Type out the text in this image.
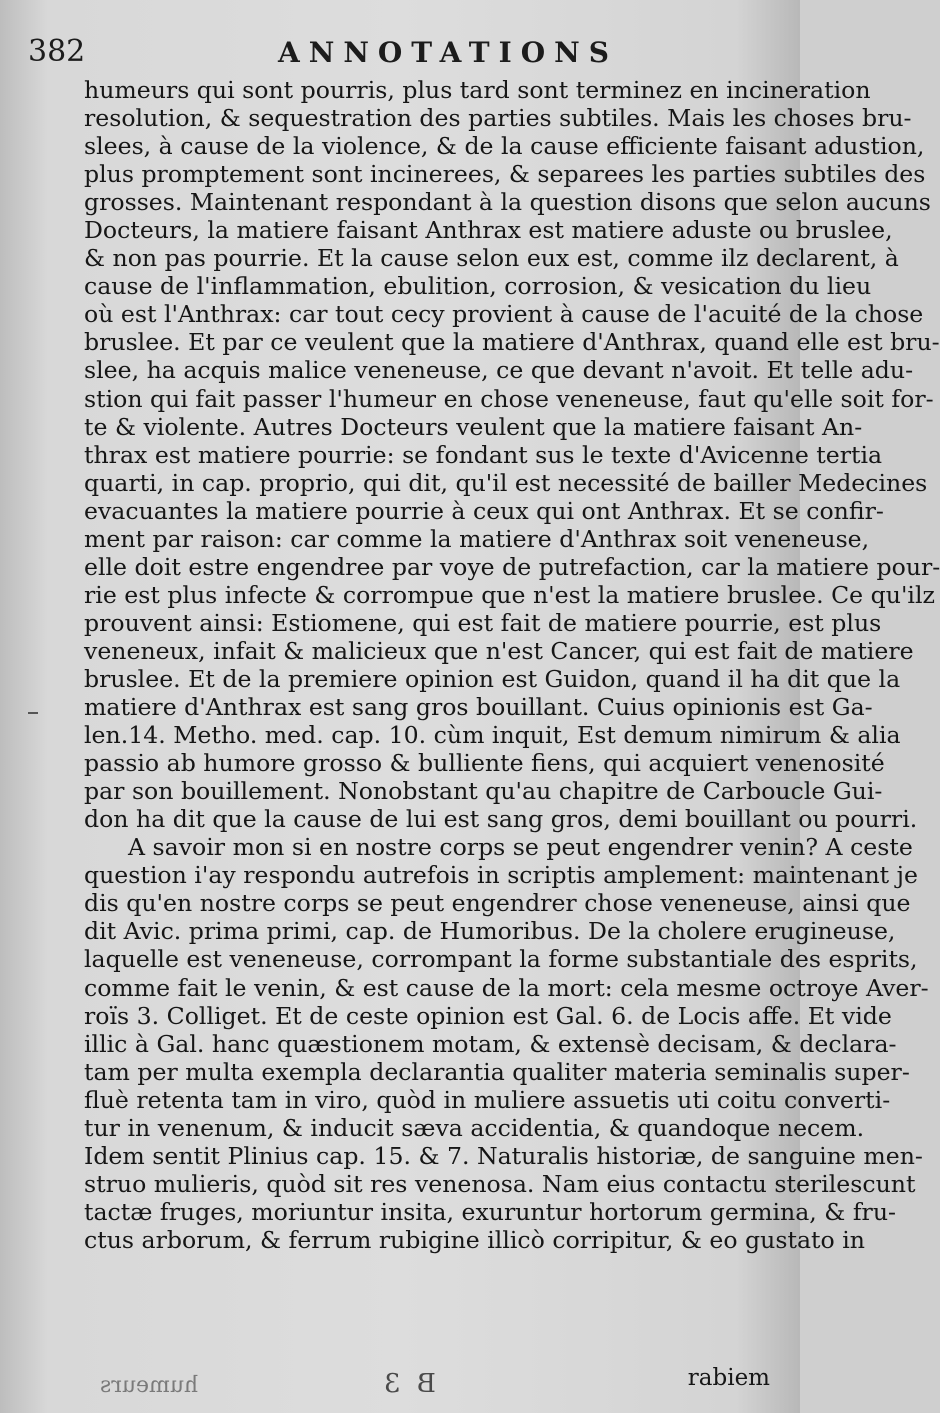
382	ANNOTATIONS
humeurs qui sont pourris, plus tard sont terminez en incineration
resolution, & sequestration des parties subtiles. Mais les choses bru-
slees, à cause de la violence, & de la cause efficiente faisant adustion,
plus promptement sont incinerees, & separees les parties subtiles des
grosses. Maintenant respondant à la question disons que selon aucuns
Docteurs, la matiere faisant Anthrax est matiere aduste ou bruslee,
& non pas pourrie. Et la cause selon eux est, comme ilz declarent, à
cause de l'inflammation, ebulition, corrosion, & vesication du lieu
où est l'Anthrax: car tout cecy provient à cause de l'acuité de la chose
bruslee. Et par ce veulent que la matiere d'Anthrax, quand elle est bru-
slee, ha acquis malice veneneuse, ce que devant n'avoit. Et telle adu-
stion qui fait passer l'humeur en chose veneneuse, faut qu'elle soit for-
te & violente. Autres Docteurs veulent que la matiere faisant An-
thrax est matiere pourrie: se fondant sus le texte d'Avicenne tertia
quarti, in cap. proprio, qui dit, qu'il est necessité de bailler Medecines
evacuantes la matiere pourrie à ceux qui ont Anthrax. Et se confir-
ment par raison: car comme la matiere d'Anthrax soit veneneuse,
elle doit estre engendree par voye de putrefaction, car la matiere pour-
rie est plus infecte & corrompue que n'est la matiere bruslee. Ce qu'ilz
prouvent ainsi: Estiomene, qui est fait de matiere pourrie, est plus
veneneux, infait & malicieux que n'est Cancer, qui est fait de matiere
bruslee. Et de la premiere opinion est Guidon, quand il ha dit que la
matiere d'Anthrax est sang gros bouillant. Cuius opinionis est Ga-
len.14. Metho. med. cap. 10. cùm inquit, Est demum nimirum & alia
passio ab humore grosso & bulliente fiens, qui acquiert venenosité
par son bouillement. Nonobstant qu'au chapitre de Carboucle Gui-
don ha dit que la cause de lui est sang gros, demi bouillant ou pourri.
A savoir mon si en nostre corps se peut engendrer venin? A ceste
question i'ay respondu autrefois in scriptis amplement: maintenant je
dis qu'en nostre corps se peut engendrer chose veneneuse, ainsi que
dit Avic. prima primi, cap. de Humoribus. De la cholere erugineuse,
laquelle est veneneuse, corrompant la forme substantiale des esprits,
comme fait le venin, & est cause de la mort: cela mesme octroye Aver-
roïs 3. Colliget. Et de ceste opinion est Gal. 6. de Locis affe. Et vide
illic à Gal. hanc quæstionem motam, & extensè decisam, & declara-
tam per multa exempla declarantia qualiter materia seminalis super-
fluè retenta tam in viro, quòd in muliere assuetis uti coitu converti-
tur in venenum, & inducit sæva accidentia, & quandoque necem.
Idem sentit Plinius cap. 15. & 7. Naturalis historiæ, de sanguine men-
struo mulieris, quòd sit res venenosa. Nam eius contactu sterilescunt
tactæ fruges, moriuntur insita, exuruntur hortorum germina, & fru-
ctus arborum, & ferrum rubigine illicò corripitur, & eo gustato in
humeurs	B 3	rabiem
